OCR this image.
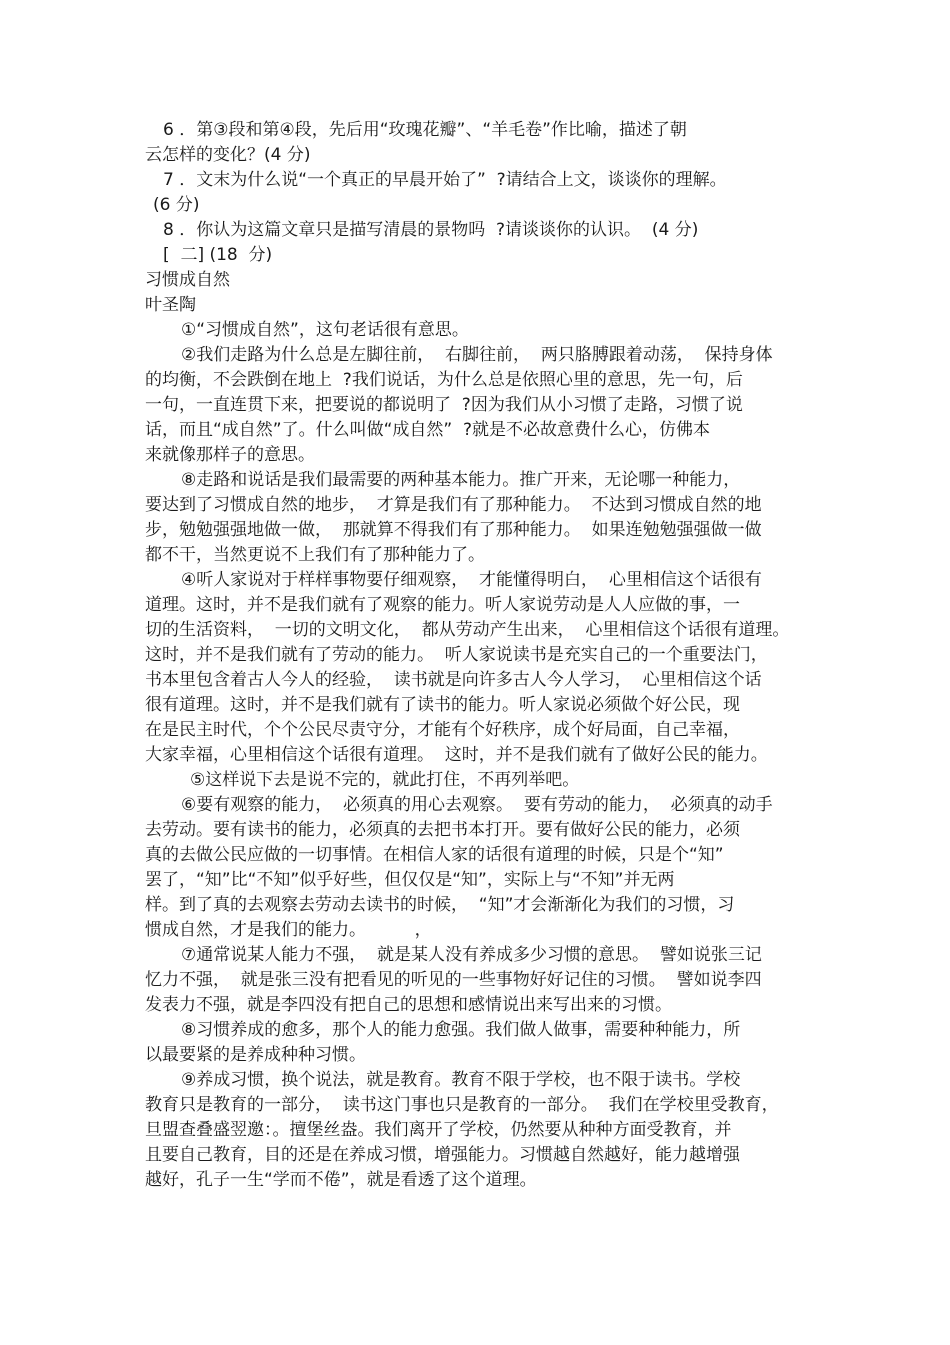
6 ．第③段和第④段，先后用“玫瑰花瓣”、“羊毛卷”作比喻，描述了朝
云怎样的变化？(4 分)
7 ．文末为什么说“一个真正的早晨开始了”  ?请结合上文，谈谈你的理解。
(6 分)
8 ．你认为这篇文章只是描写清晨的景物吗  ?请谈谈你的认识。  (4 分)
[  二] (18  分)
习惯成自然
叶圣陶
①“习惯成自然”，这句老话很有意思。
②我们走路为什么总是左脚往前，  右脚往前，  两只胳膊跟着动荡，  保持身体
的均衡，不会跌倒在地上  ?我们说话，为什么总是依照心里的意思，先一句，后
一句，一直连贯下来，把要说的都说明了  ?因为我们从小习惯了走路，习惯了说
话，而且“成自然”了。什么叫做“成自然”  ?就是不必故意费什么心，仿佛本
来就像那样子的意思。
⑧走路和说话是我们最需要的两种基本能力。推广开来，无论哪一种能力，
要达到了习惯成自然的地步，  才算是我们有了那种能力。  不达到习惯成自然的地
步，勉勉强强地做一做，  那就算不得我们有了那种能力。  如果连勉勉强强做一做
都不干，当然更说不上我们有了那种能力了。
④听人家说对于样样事物要仔细观察，  才能懂得明白，  心里相信这个话很有
道理。这时，并不是我们就有了观察的能力。听人家说劳动是人人应做的事，一
切的生活资料，  一切的文明文化，  都从劳动产生出来，  心里相信这个话很有道理。
这时，并不是我们就有了劳动的能力。  听人家说读书是充实自己的一个重要法门，
书本里包含着古人今人的经验，  读书就是向许多古人今人学习，  心里相信这个话
很有道理。这时，并不是我们就有了读书的能力。听人家说必须做个好公民，现
在是民主时代，个个公民尽责守分，才能有个好秩序，成个好局面，自己幸福，
大家幸福，心里相信这个话很有道理。  这时，并不是我们就有了做好公民的能力。
⑤这样说下去是说不完的，就此打住，不再列举吧。
⑥要有观察的能力，  必须真的用心去观察。  要有劳动的能力，  必须真的动手
去劳动。要有读书的能力，必须真的去把书本打开。要有做好公民的能力，必须
真的去做公民应做的一切事情。在相信人家的话很有道理的时候，只是个“知”
罢了，“知”比“不知”似乎好些，但仅仅是“知”，实际上与“不知”并无两
样。到了真的去观察去劳动去读书的时候，  “知”才会渐渐化为我们的习惯，习
惯成自然，才是我们的能力。         ，
⑦通常说某人能力不强，  就是某人没有养成多少习惯的意思。  譬如说张三记
忆力不强，  就是张三没有把看见的听见的一些事物好好记住的习惯。  譬如说李四
发表力不强，就是李四没有把自己的思想和感情说出来写出来的习惯。
⑧习惯养成的愈多，那个人的能力愈强。我们做人做事，需要种种能力，所
以最要紧的是养成种种习惯。
⑨养成习惯，换个说法，就是教育。教育不限于学校，也不限于读书。学校
教育只是教育的一部分，  读书这门事也只是教育的一部分。  我们在学校里受教育，
旦盟查叠盛翌邀：。擅堡丝盎。我们离开了学校，仍然要从种种方面受教育，并
且要自己教育，目的还是在养成习惯，增强能力。习惯越自然越好，能力越增强
越好，孔子一生“学而不倦”，就是看透了这个道理。
